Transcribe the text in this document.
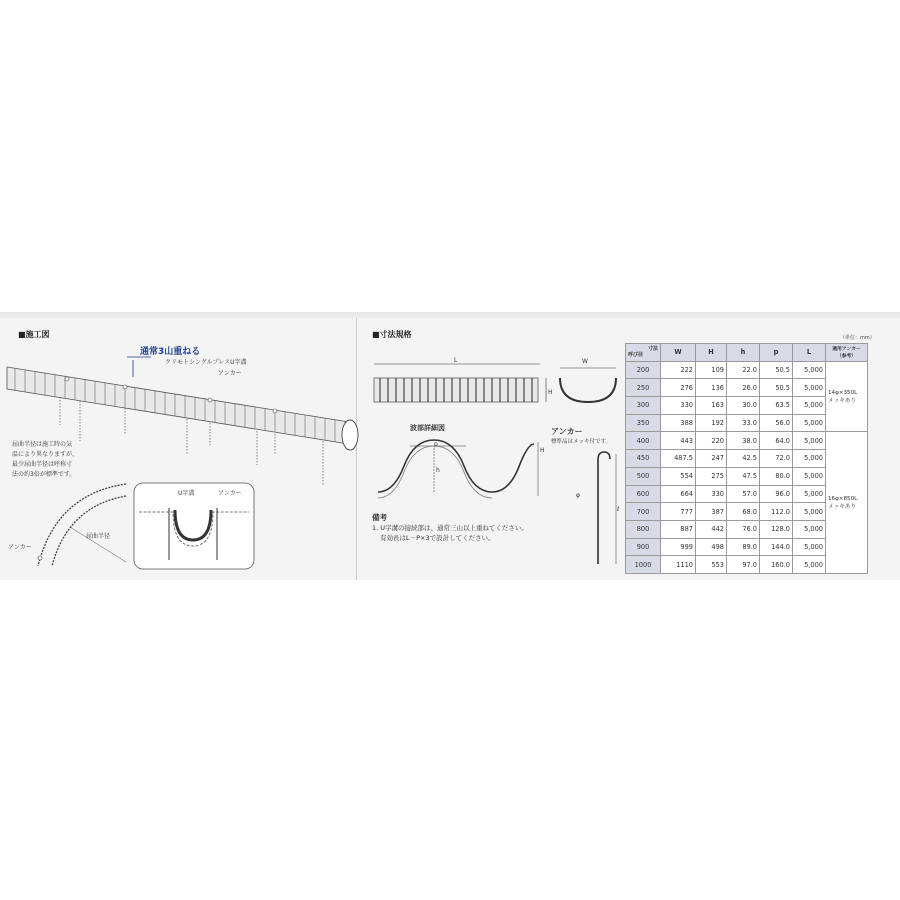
■施工図
通常3山重ねる
クリモトシングルプレスU字溝
アンカー
屈曲半径は施工時の気
温により異なりますが、
最少屈曲半径は呼称寸
法の約3倍が標準です。
屈曲半径
アンカー
U字溝	アンカー
■寸法規格
L
H
W
波部詳細図
p
h
H
アンカー
標準品はメッキ付です。
φ
ℓ
備考
1. U字溝の接続部は、通常三山以上重ねてください。
有効長はL－P×3で設計してください。
（単位：mm）
寸法
呼び径	W	H	h	p	L	適用アンカー（参考）
200	222	109	22.0	50.5	5,000	14φ×350L
メッキあり

250	276	136	26.0	50.5	5,000	
300	330	163	30.0	63.5	5,000	
350	388	192	33.0	56.0	5,000	
400	443	220	38.0	64.0	5,000	16φ×850L
メッキあり

450	487.5	247	42.5	72.0	5,000	
500	554	275	47.5	80.0	5,000	
600	664	330	57.0	96.0	5,000	
700	777	387	68.0	112.0	5,000	
800	887	442	76.0	128.0	5,000	
900	999	498	89.0	144.0	5,000	
1000	1110	553	97.0	160.0	5,000	
